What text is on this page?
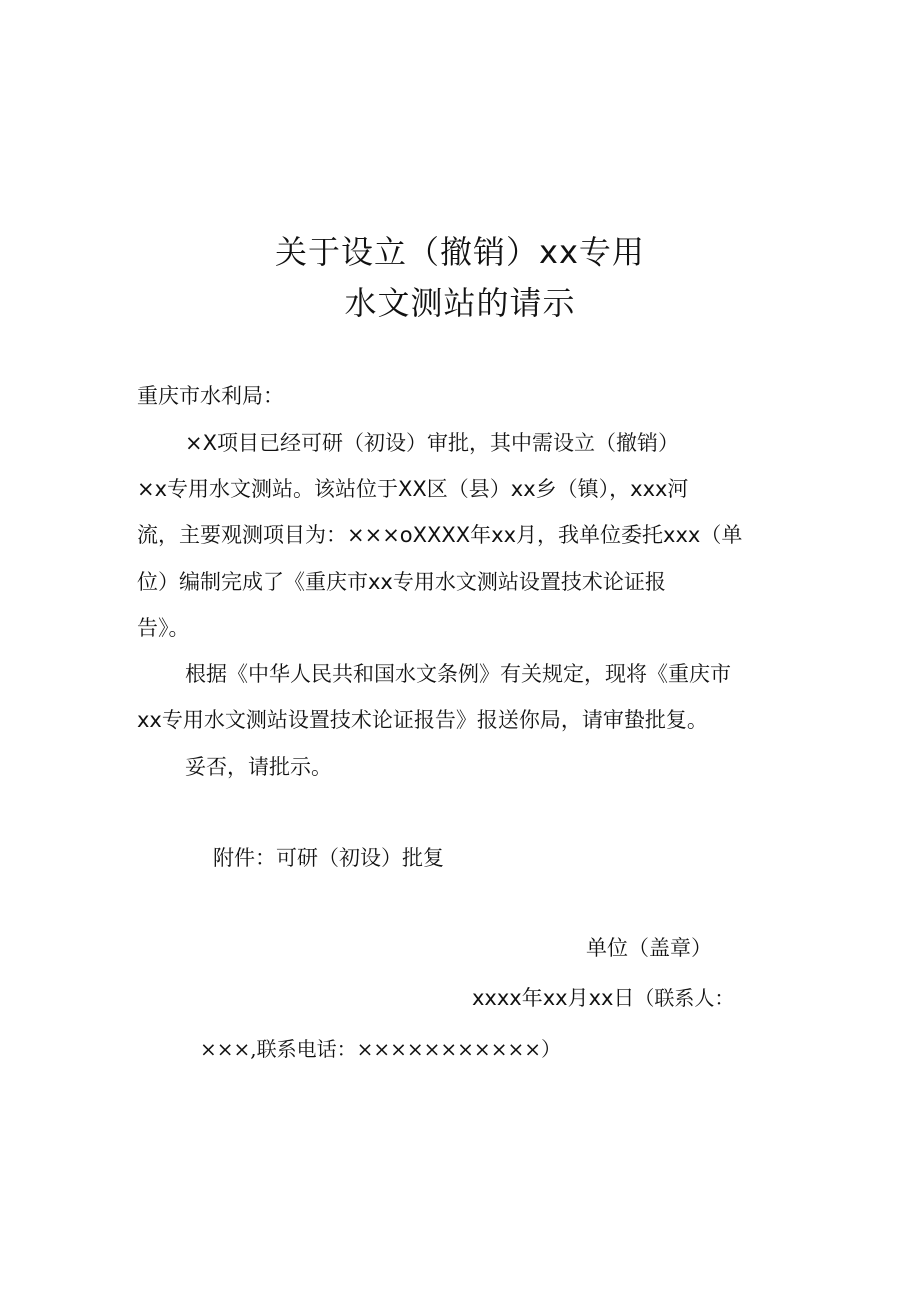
关于设立（撤销）xx专用
水文测站的请示
重庆市水利局：
×X项目已经可研（初设）审批，其中需设立（撤销）
×x专用水文测站。该站位于XX区（县）xx乡（镇），xxx河
流，主要观测项目为：×××oXXXX年xx月，我单位委托xxx（单
位）编制完成了《重庆市xx专用水文测站设置技术论证报
告》。
根据《中华人民共和国水文条例》有关规定，现将《重庆市
xx专用水文测站设置技术论证报告》报送你局，请审蛰批复。
妥否，请批示。
附件：可研（初设）批复
单位（盖章）
xxxx年xx月xx日（联系人：
×××,联系电话：×××××××××××）
